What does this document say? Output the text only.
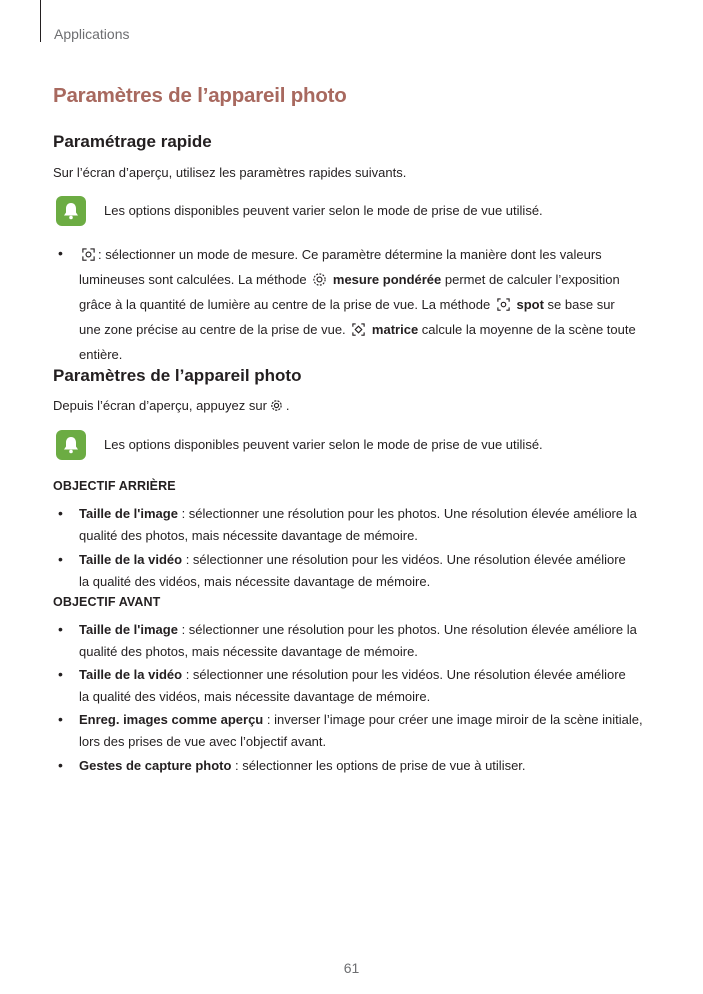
Applications
Paramètres de l’appareil photo
Paramétrage rapide
Sur l’écran d’aperçu, utilisez les paramètres rapides suivants.
Les options disponibles peuvent varier selon le mode de prise de vue utilisé.
•	: sélectionner un mode de mesure. Ce paramètre détermine la manière dont les valeurs
lumineuses sont calculées. La méthode mesure pondérée permet de calculer l’exposition
grâce à la quantité de lumière au centre de la prise de vue. La méthode spot se base sur
une zone précise au centre de la prise de vue. matrice calcule la moyenne de la scène toute
entière.
Paramètres de l’appareil photo
Depuis l’écran d’aperçu, appuyez sur .
Les options disponibles peuvent varier selon le mode de prise de vue utilisé.
OBJECTIF ARRIÈRE
• Taille de l'image : sélectionner une résolution pour les photos. Une résolution élevée améliore la
qualité des photos, mais nécessite davantage de mémoire.
• Taille de la vidéo : sélectionner une résolution pour les vidéos. Une résolution élevée améliore
la qualité des vidéos, mais nécessite davantage de mémoire.
OBJECTIF AVANT
• Taille de l'image : sélectionner une résolution pour les photos. Une résolution élevée améliore la
qualité des photos, mais nécessite davantage de mémoire.
• Taille de la vidéo : sélectionner une résolution pour les vidéos. Une résolution élevée améliore
la qualité des vidéos, mais nécessite davantage de mémoire.
• Enreg. images comme aperçu : inverser l’image pour créer une image miroir de la scène initiale,
lors des prises de vue avec l’objectif avant.
• Gestes de capture photo : sélectionner les options de prise de vue à utiliser.
61
